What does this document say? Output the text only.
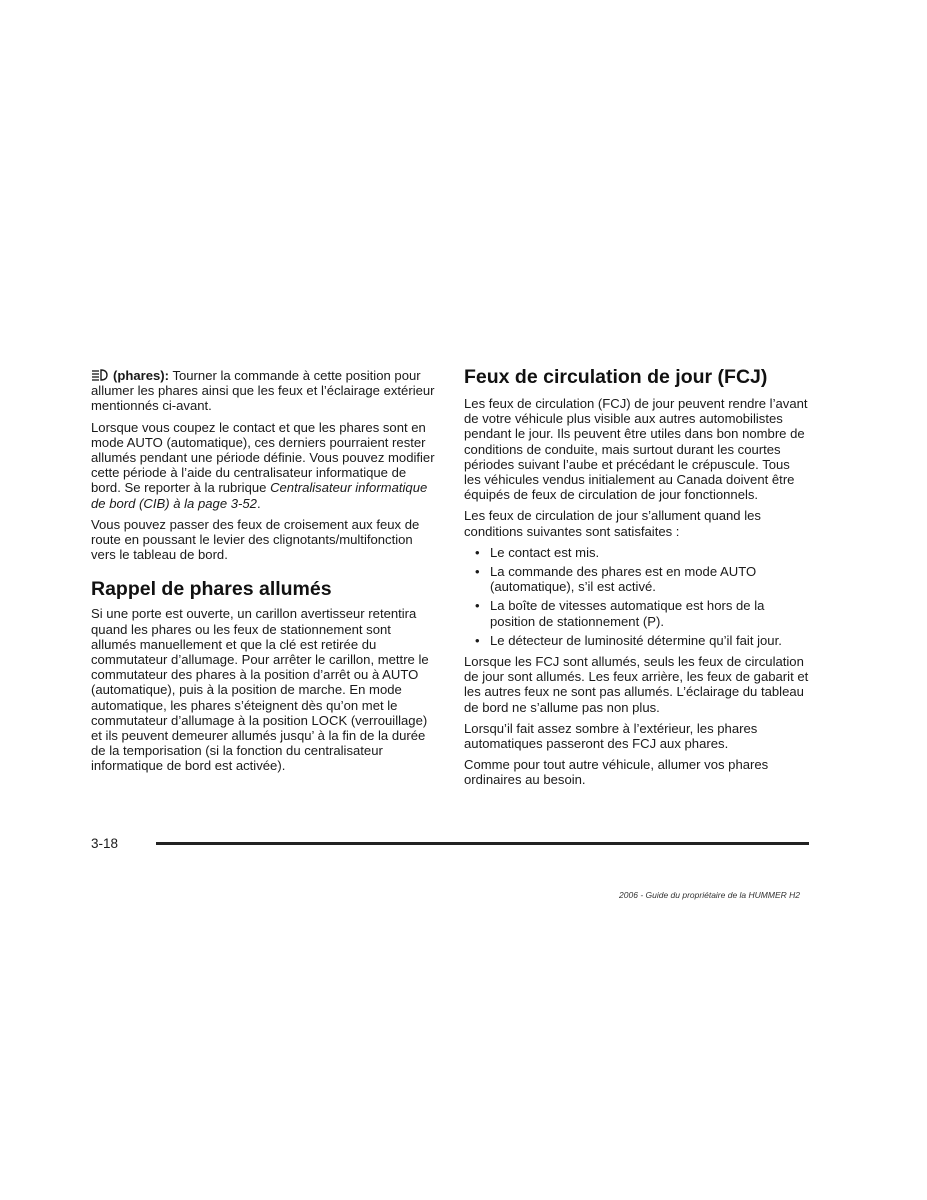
(phares): Tourner la commande à cette position pour allumer les phares ainsi que les feux et l’éclairage extérieur mentionnés ci-avant.

Lorsque vous coupez le contact et que les phares sont en mode AUTO (automatique), ces derniers pourraient rester allumés pendant une période définie. Vous pouvez modifier cette période à l’aide du centralisateur informatique de bord. Se reporter à la rubrique Centralisateur informatique de bord (CIB) à la page 3-52.

Vous pouvez passer des feux de croisement aux feux de route en poussant le levier des clignotants/multifonction vers le tableau de bord.

Rappel de phares allumés

Si une porte est ouverte, un carillon avertisseur retentira quand les phares ou les feux de stationnement sont allumés manuellement et que la clé est retirée du commutateur d’allumage. Pour arrêter le carillon, mettre le commutateur des phares à la position d’arrêt ou à AUTO (automatique), puis à la position de marche. En mode automatique, les phares s’éteignent dès qu’on met le commutateur d’allumage à la position LOCK (verrouillage) et ils peuvent demeurer allumés jusqu’ à la fin de la durée de la temporisation (si la fonction du centralisateur informatique de bord est activée).

Feux de circulation de jour (FCJ)

Les feux de circulation (FCJ) de jour peuvent rendre l’avant de votre véhicule plus visible aux autres automobilistes pendant le jour. Ils peuvent être utiles dans bon nombre de conditions de conduite, mais surtout durant les courtes périodes suivant l’aube et précédant le crépuscule. Tous les véhicules vendus initialement au Canada doivent être équipés de feux de circulation de jour fonctionnels.

Les feux de circulation de jour s’allument quand les conditions suivantes sont satisfaites :

• Le contact est mis.
• La commande des phares est en mode AUTO (automatique), s’il est activé.
• La boîte de vitesses automatique est hors de la position de stationnement (P).
• Le détecteur de luminosité détermine qu’il fait jour.

Lorsque les FCJ sont allumés, seuls les feux de circulation de jour sont allumés. Les feux arrière, les feux de gabarit et les autres feux ne sont pas allumés. L’éclairage du tableau de bord ne s’allume pas non plus.

Lorsqu’il fait assez sombre à l’extérieur, les phares automatiques passeront des FCJ aux phares.

Comme pour tout autre véhicule, allumer vos phares ordinaires au besoin.

3-18
2006 - Guide du propriétaire de la HUMMER H2
